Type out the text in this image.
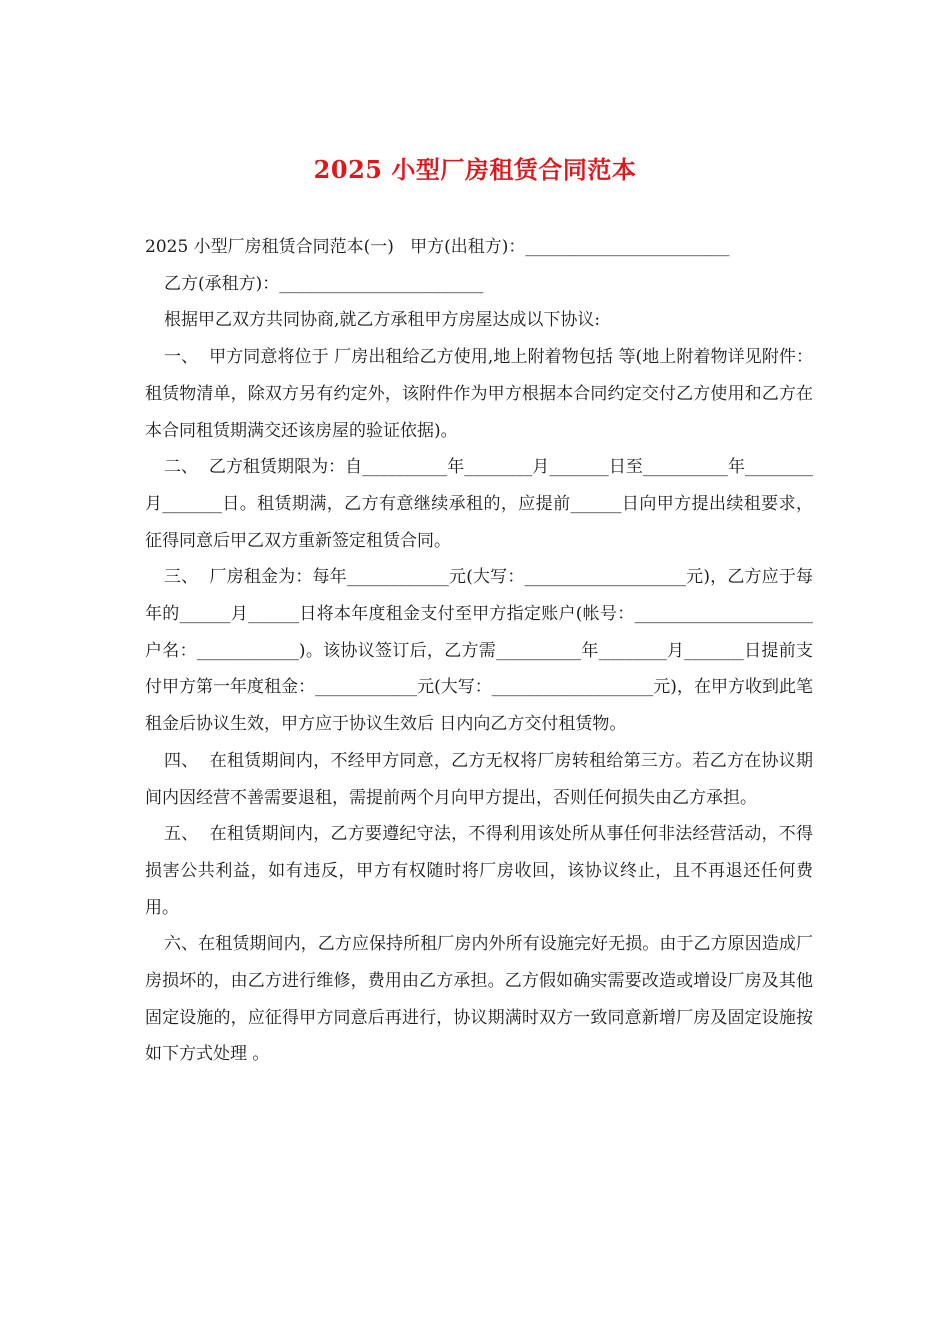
2025 小型厂房租赁合同范本

2025 小型厂房租赁合同范本(一)   甲方(出租方)：________________________

乙方(承租方)：________________________

根据甲乙双方共同协商,就乙方承租甲方房屋达成以下协议:

一、  甲方同意将位于 厂房出租给乙方使用,地上附着物包括 等(地上附着物详见附件：租赁物清单，除双方另有约定外，该附件作为甲方根据本合同约定交付乙方使用和乙方在本合同租赁期满交还该房屋的验证依据)。

二、  乙方租赁期限为：自__________年________月_______日至__________年________月_______日。租赁期满，乙方有意继续承租的，应提前______日向甲方提出续租要求，征得同意后甲乙双方重新签定租赁合同。

三、  厂房租金为：每年____________元(大写：___________________元)，乙方应于每年的______月______日将本年度租金支付至甲方指定账户(帐号：_____________________户名：____________)。该协议签订后，乙方需__________年________月_______日提前支付甲方第一年度租金：____________元(大写：___________________元)，在甲方收到此笔租金后协议生效，甲方应于协议生效后 日内向乙方交付租赁物。

四、  在租赁期间内，不经甲方同意，乙方无权将厂房转租给第三方。若乙方在协议期间内因经营不善需要退租，需提前两个月向甲方提出，否则任何损失由乙方承担。

五、  在租赁期间内，乙方要遵纪守法，不得利用该处所从事任何非法经营活动，不得损害公共利益，如有违反，甲方有权随时将厂房收回，该协议终止，且不再退还任何费用。

六、在租赁期间内，乙方应保持所租厂房内外所有设施完好无损。由于乙方原因造成厂房损坏的，由乙方进行维修，费用由乙方承担。乙方假如确实需要改造或增设厂房及其他固定设施的，应征得甲方同意后再进行，协议期满时双方一致同意新增厂房及固定设施按如下方式处理 。
